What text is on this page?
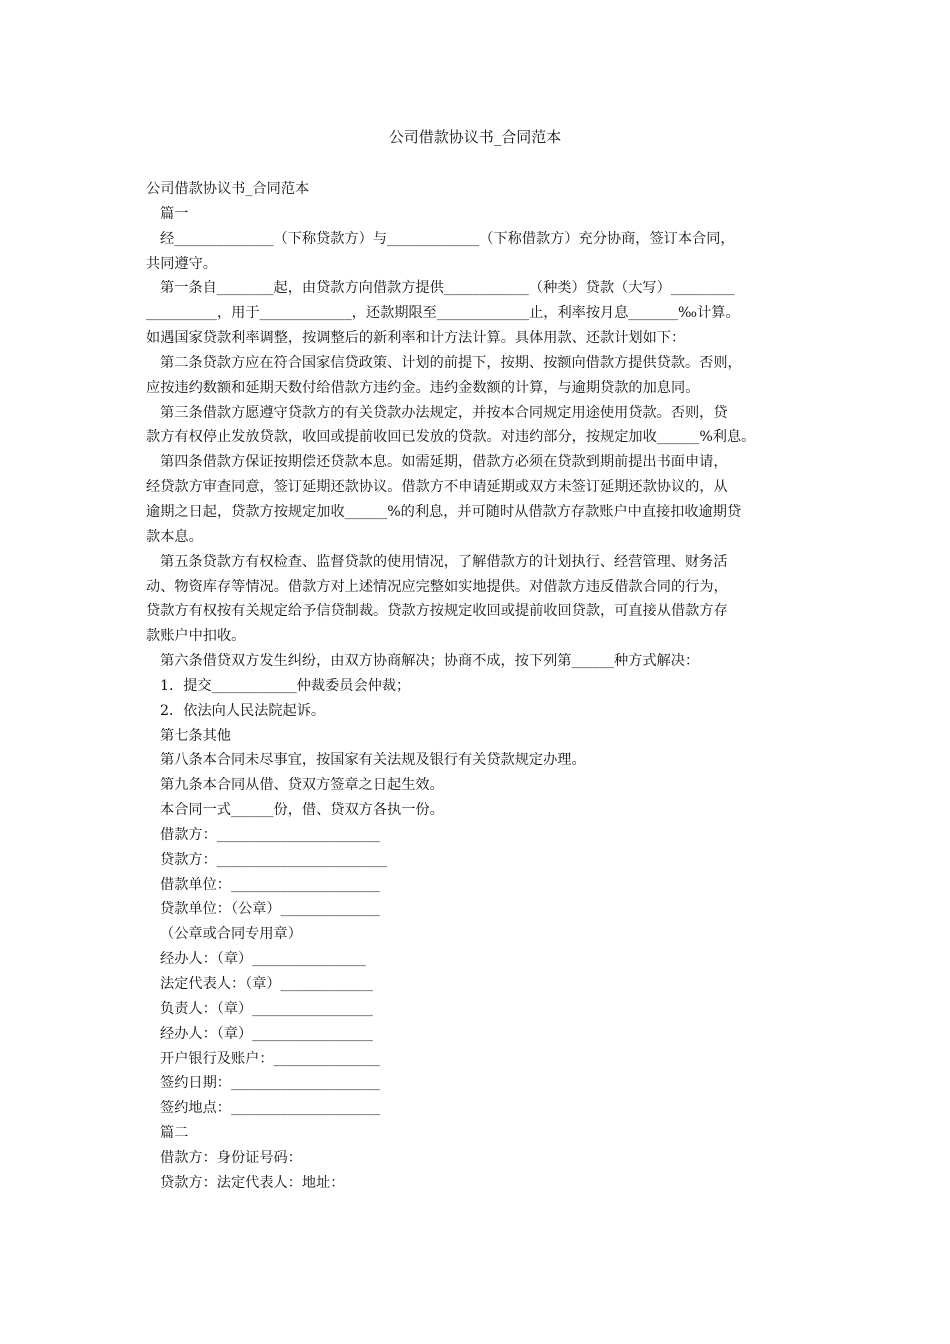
公司借款协议书_合同范本
公司借款协议书_合同范本
篇一
经______________（下称贷款方）与_____________（下称借款方）充分协商，签订本合同，
共同遵守。
第一条自________起，由贷款方向借款方提供____________（种类）贷款（大写）_________
__________，用于_____________，还款期限至_____________止，利率按月息_______‰计算。
如遇国家贷款利率调整，按调整后的新利率和计方法计算。具体用款、还款计划如下：
第二条贷款方应在符合国家信贷政策、计划的前提下，按期、按额向借款方提供贷款。否则，
应按违约数额和延期天数付给借款方违约金。违约金数额的计算，与逾期贷款的加息同。
第三条借款方愿遵守贷款方的有关贷款办法规定，并按本合同规定用途使用贷款。否则，贷
款方有权停止发放贷款，收回或提前收回已发放的贷款。对违约部分，按规定加收______%利息。
第四条借款方保证按期偿还贷款本息。如需延期，借款方必须在贷款到期前提出书面申请，
经贷款方审查同意，签订延期还款协议。借款方不申请延期或双方未签订延期还款协议的，从
逾期之日起，贷款方按规定加收______%的利息，并可随时从借款方存款账户中直接扣收逾期贷
款本息。
第五条贷款方有权检查、监督贷款的使用情况，了解借款方的计划执行、经营管理、财务活
动、物资库存等情况。借款方对上述情况应完整如实地提供。对借款方违反借款合同的行为，
贷款方有权按有关规定给予信贷制裁。贷款方按规定收回或提前收回贷款，可直接从借款方存
款账户中扣收。
第六条借贷双方发生纠纷，由双方协商解决；协商不成，按下列第______种方式解决：
1．提交____________仲裁委员会仲裁；
2．依法向人民法院起诉。
第七条其他
第八条本合同未尽事宜，按国家有关法规及银行有关贷款规定办理。
第九条本合同从借、贷双方签章之日起生效。
本合同一式______份，借、贷双方各执一份。
借款方：_______________________
贷款方：________________________
借款单位：_____________________
贷款单位：（公章）______________
（公章或合同专用章）
经办人：（章）________________
法定代表人：（章）_____________
负责人：（章）_________________
经办人：（章）_________________
开户银行及账户：_______________
签约日期：_____________________
签约地点：_____________________
篇二
借款方：身份证号码：
贷款方：法定代表人：地址：
